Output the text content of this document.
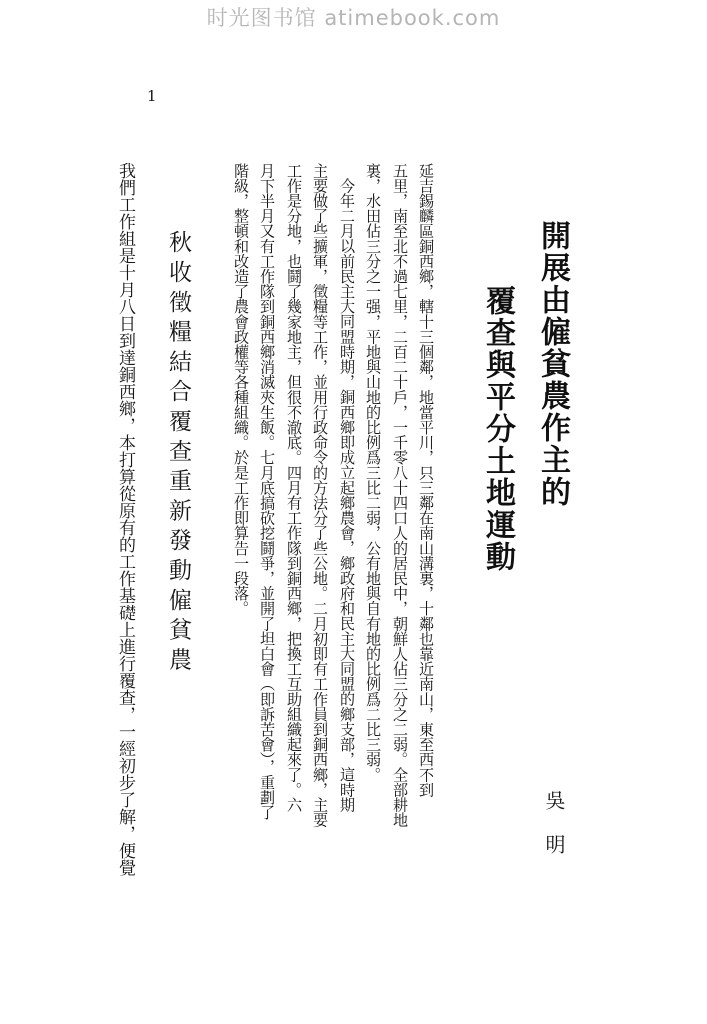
时光图书馆 atimebook.com
1
開展由僱貧農作主的
覆查與平分土地運動
吳明
延吉錫麟區銅西鄉，轄十三個鄰，地當平川，只三鄰在南山溝裏，十鄰也靠近南山，東至西不到
五里，南至北不過七里，二百二十戶，一千零八十四口人的居民中，朝鮮人佔三分之二弱。全部耕地
裏，水田佔三分之一强，平地與山地的比例爲三比二弱，公有地與自有地的比例爲二比三弱。
今年二月以前民主大同盟時期，銅西鄉即成立起鄉農會，鄉政府和民主大同盟的鄉支部，這時期
主要做了些擴軍，徵糧等工作，並用行政命令的方法分了些公地。二月初即有工作員到銅西鄉，主要
工作是分地，也鬪了幾家地主，但很不澈底。四月有工作隊到銅西鄉，把換工互助組織起來了。六
月下半月又有工作隊到銅西鄉消滅夾生飯。七月底搞砍挖鬪爭，並開了坦白會（即訴苦會），重劃了
階級，整頓和改造了農會政權等各種組織。於是工作即算告一段落。
秋收徵糧結合覆查重新發動僱貧農
我們工作組是十月八日到達銅西鄉，本打算從原有的工作基礎上進行覆查，一經初步了解，便覺
